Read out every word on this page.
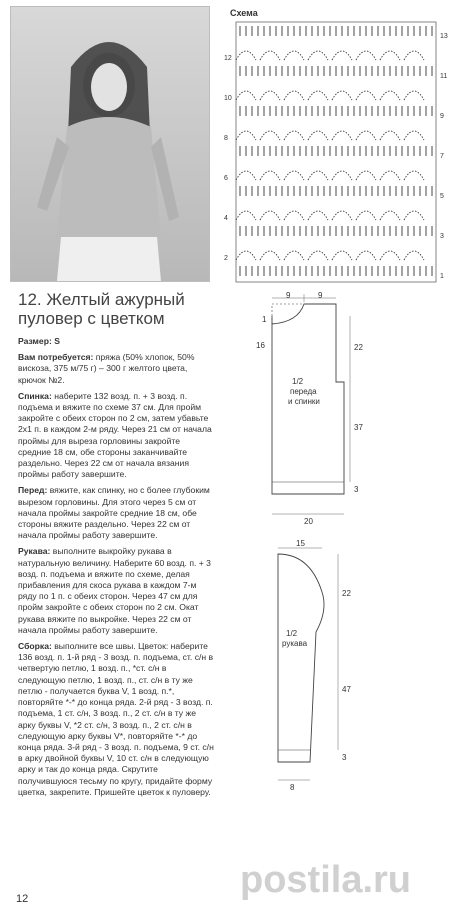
Схема
13
11
9
7
5
3
1
12
10
8
6
4
2
12. Желтый ажурный пуловер с цветком

Размер: S

Вам потребуется: пряжа (50% хлопок, 50% вискоза, 375 м/75 г) – 300 г желтого цвета, крючок №2.

Спинка: наберите 132 возд. п. + 3 возд. п. подъема и вяжите по схеме 37 см. Для пройм закройте с обеих сторон по 2 см, затем убавьте 2х1 п. в каждом 2-м ряду. Через 21 см от начала проймы для выреза горловины закройте средние 18 см, обе стороны заканчивайте раздельно. Через 22 см от начала вязания проймы работу завершите.

Перед: вяжите, как спинку, но с более глубоким вырезом горловины. Для этого через 5 см от начала проймы закройте средние 18 см, обе стороны вяжите раздельно. Через 22 см от начала проймы работу завершите.

Рукава: выполните выкройку рукава в натуральную величину. Наберите 60 возд. п. + 3 возд. п. подъема и вяжите по схеме, делая прибавления для скоса рукава в каждом 7-м ряду по 1 п. с обеих сторон. Через 47 см для пройм закройте с обеих сторон по 2 см. Окат рукава вяжите по выкройке. Через 22 см от начала проймы работу завершите.

Сборка: выполните все швы. Цветок: наберите 136 возд. п. 1-й ряд - 3 возд. п. подъема, ст. с/н в четвертую петлю, 1 возд. п., *ст. с/н в следующую петлю, 1 возд. п., ст. с/н в ту же петлю - получается буква V, 1 возд. п.*, повторяйте *-* до конца ряда. 2-й ряд - 3 возд. п. подъема, 1 ст. с/н, 3 возд. п., 2 ст. с/н в ту же арку буквы V, *2 ст. с/н, 3 возд. п., 2 ст. с/н в следующую арку буквы V*, повторяйте *-* до конца ряда. 3-й ряд - 3 возд. п. подъема, 9 ст. с/н в арку двойной буквы V, 10 ст. с/н в следующую арку и так до конца ряда. Скрутите получившуюся тесьму по кругу, придайте форму цветка, закрепите. Пришейте цветок к пуловеру.

9	9
1
16	22
37
3
20
1/2
переда
и спинки
15
22
47
3
8
1/2
рукава
postila.ru
12
